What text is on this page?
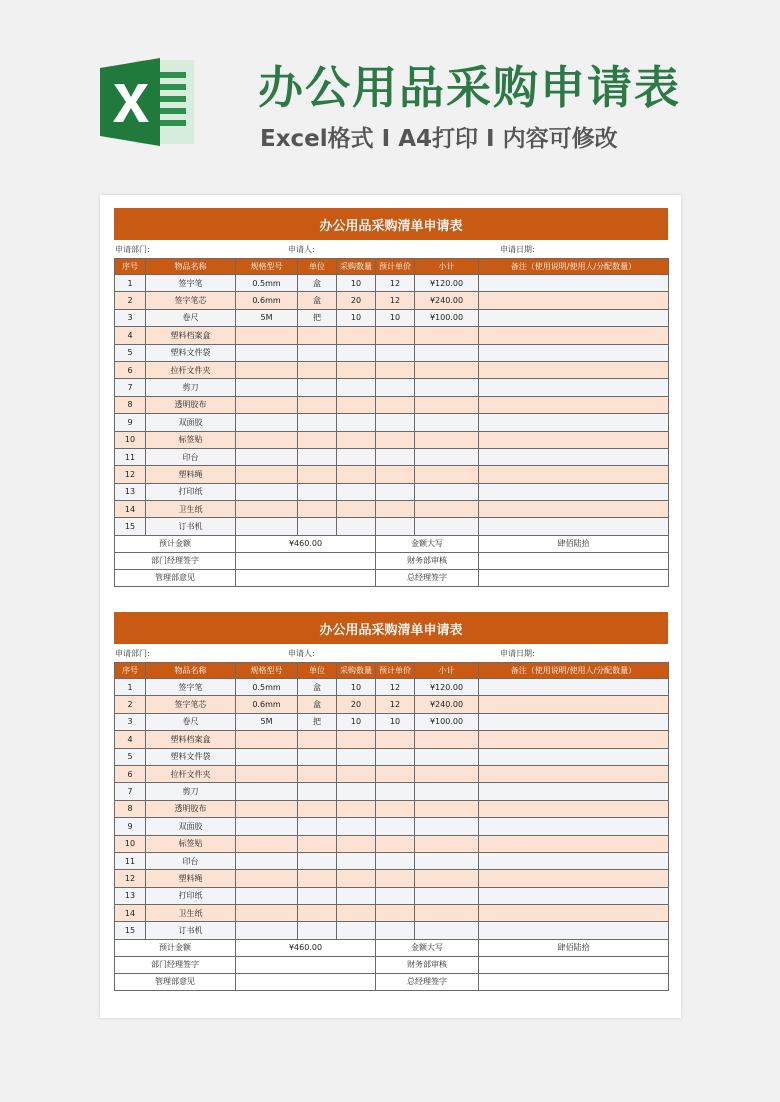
办公用品采购申请表
Excel格式 I A4打印 I 内容可修改
办公用品采购清单申请表
申请部门:	申请人:	申请日期:
序号	物品名称	规格型号	单位	采购数量	预计单价	小计	备注（使用说明/使用人/分配数量）
1	签字笔	0.5mm	盒	10	12	¥120.00	
2	签字笔芯	0.6mm	盒	20	12	¥240.00	
3	卷尺	5M	把	10	10	¥100.00	
4	塑料档案盒						
5	塑料文件袋						
6	拉杆文件夹						
7	剪刀						
8	透明胶布						
9	双面胶						
10	标签贴						
11	印台						
12	塑料绳						
13	打印纸						
14	卫生纸						
15	订书机						
预计金额		¥460.00			金额大写		肆佰陆拾
部门经理签字					财务部审核		
管理部意见					总经理签字		
办公用品采购清单申请表
申请部门:	申请人:	申请日期:
序号	物品名称	规格型号	单位	采购数量	预计单价	小计	备注（使用说明/使用人/分配数量）
1	签字笔	0.5mm	盒	10	12	¥120.00	
2	签字笔芯	0.6mm	盒	20	12	¥240.00	
3	卷尺	5M	把	10	10	¥100.00	
4	塑料档案盒						
5	塑料文件袋						
6	拉杆文件夹						
7	剪刀						
8	透明胶布						
9	双面胶						
10	标签贴						
11	印台						
12	塑料绳						
13	打印纸						
14	卫生纸						
15	订书机						
预计金额		¥460.00			金额大写		肆佰陆拾
部门经理签字					财务部审核		
管理部意见					总经理签字		
